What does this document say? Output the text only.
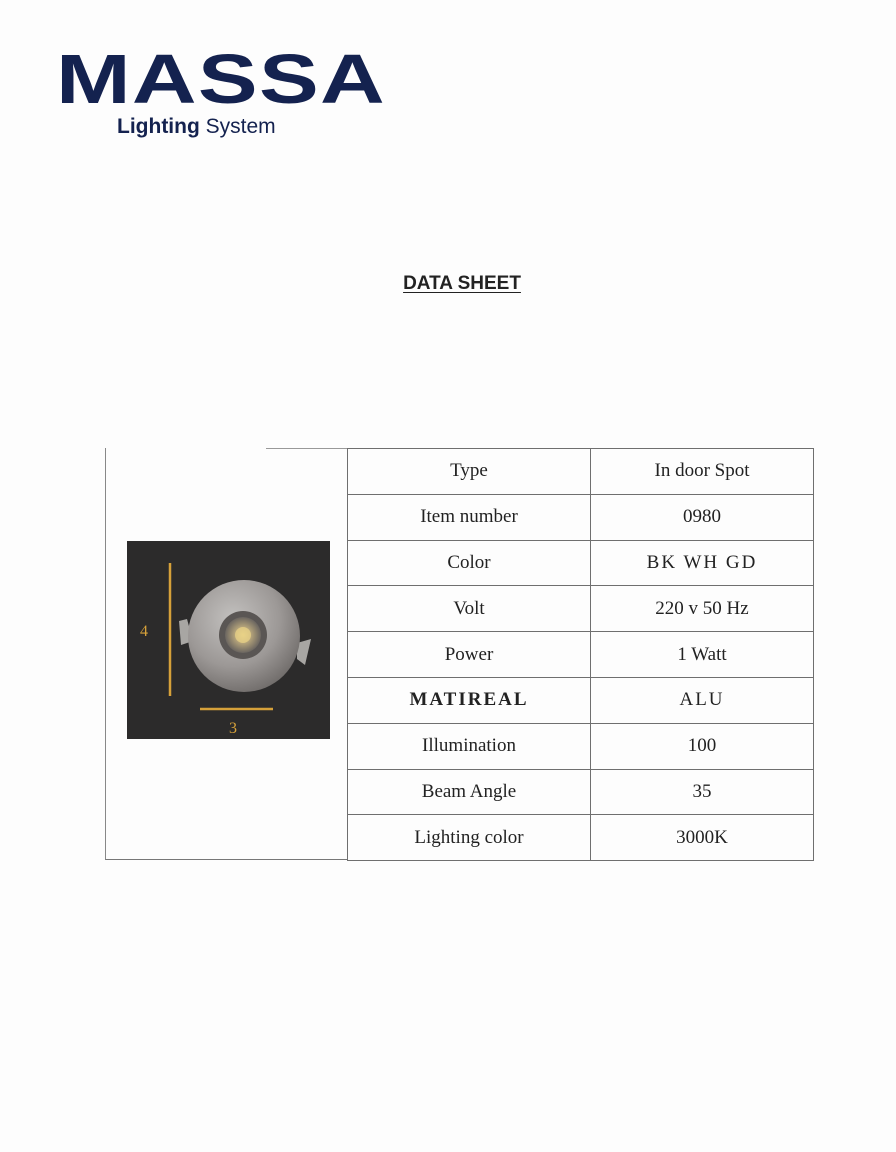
MASSA
Lighting System
DATA SHEET
4
3
Type	In door Spot
Item number	0980
Color	BK WH GD
Volt	220 v 50 Hz
Power	1 Watt
MATIREAL	ALU
Illumination	100
Beam Angle	35
Lighting color	3000K
